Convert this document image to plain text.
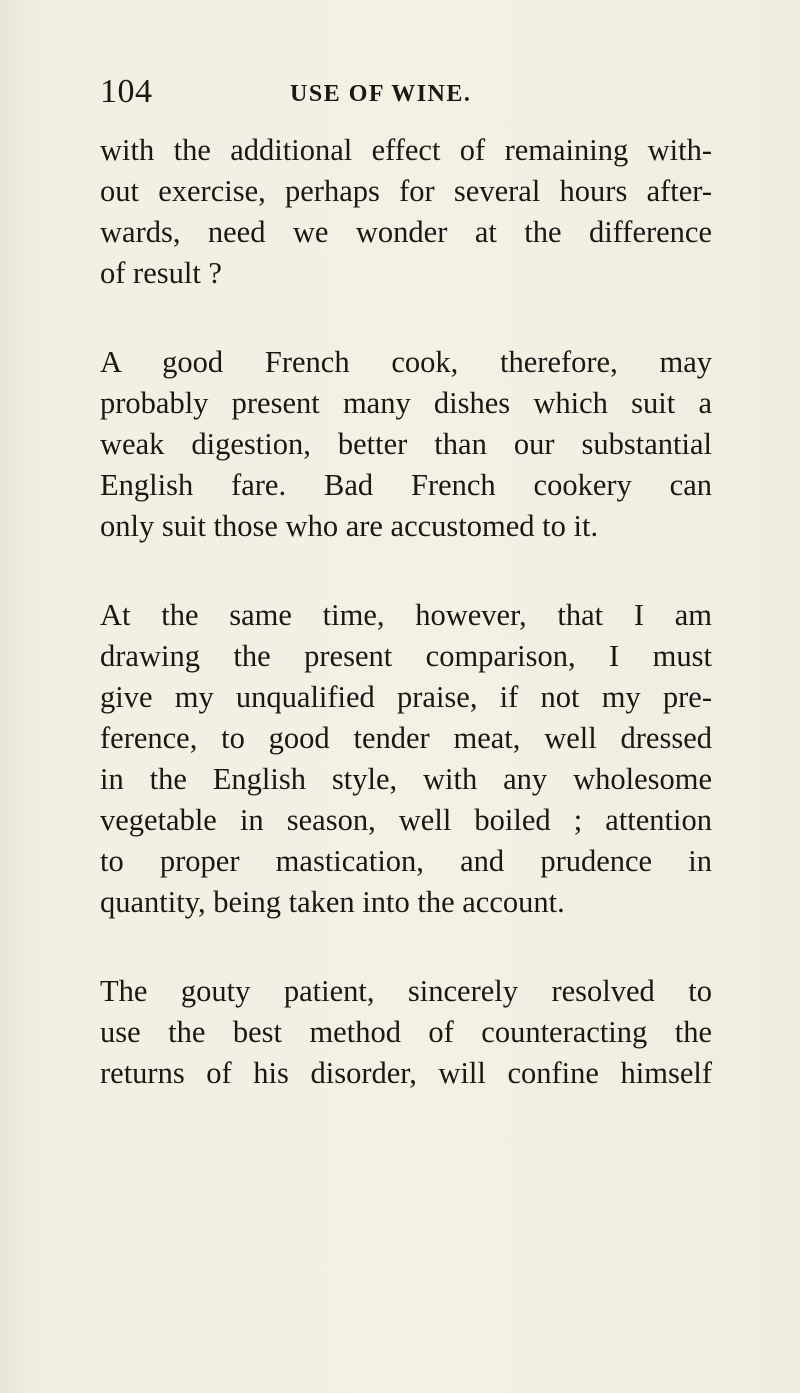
104	USE OF WINE.

with the additional effect of remaining with-
out exercise, perhaps for several hours after-
wards, need we wonder at the difference
of result ?

A good French cook, therefore, may
probably present many dishes which suit a
weak digestion, better than our substantial
English fare. Bad French cookery can
only suit those who are accustomed to it.

At the same time, however, that I am
drawing the present comparison, I must
give my unqualified praise, if not my pre-
ference, to good tender meat, well dressed
in the English style, with any wholesome
vegetable in season, well boiled ; attention
to proper mastication, and prudence in
quantity, being taken into the account.

The gouty patient, sincerely resolved to
use the best method of counteracting the
returns of his disorder, will confine himself
